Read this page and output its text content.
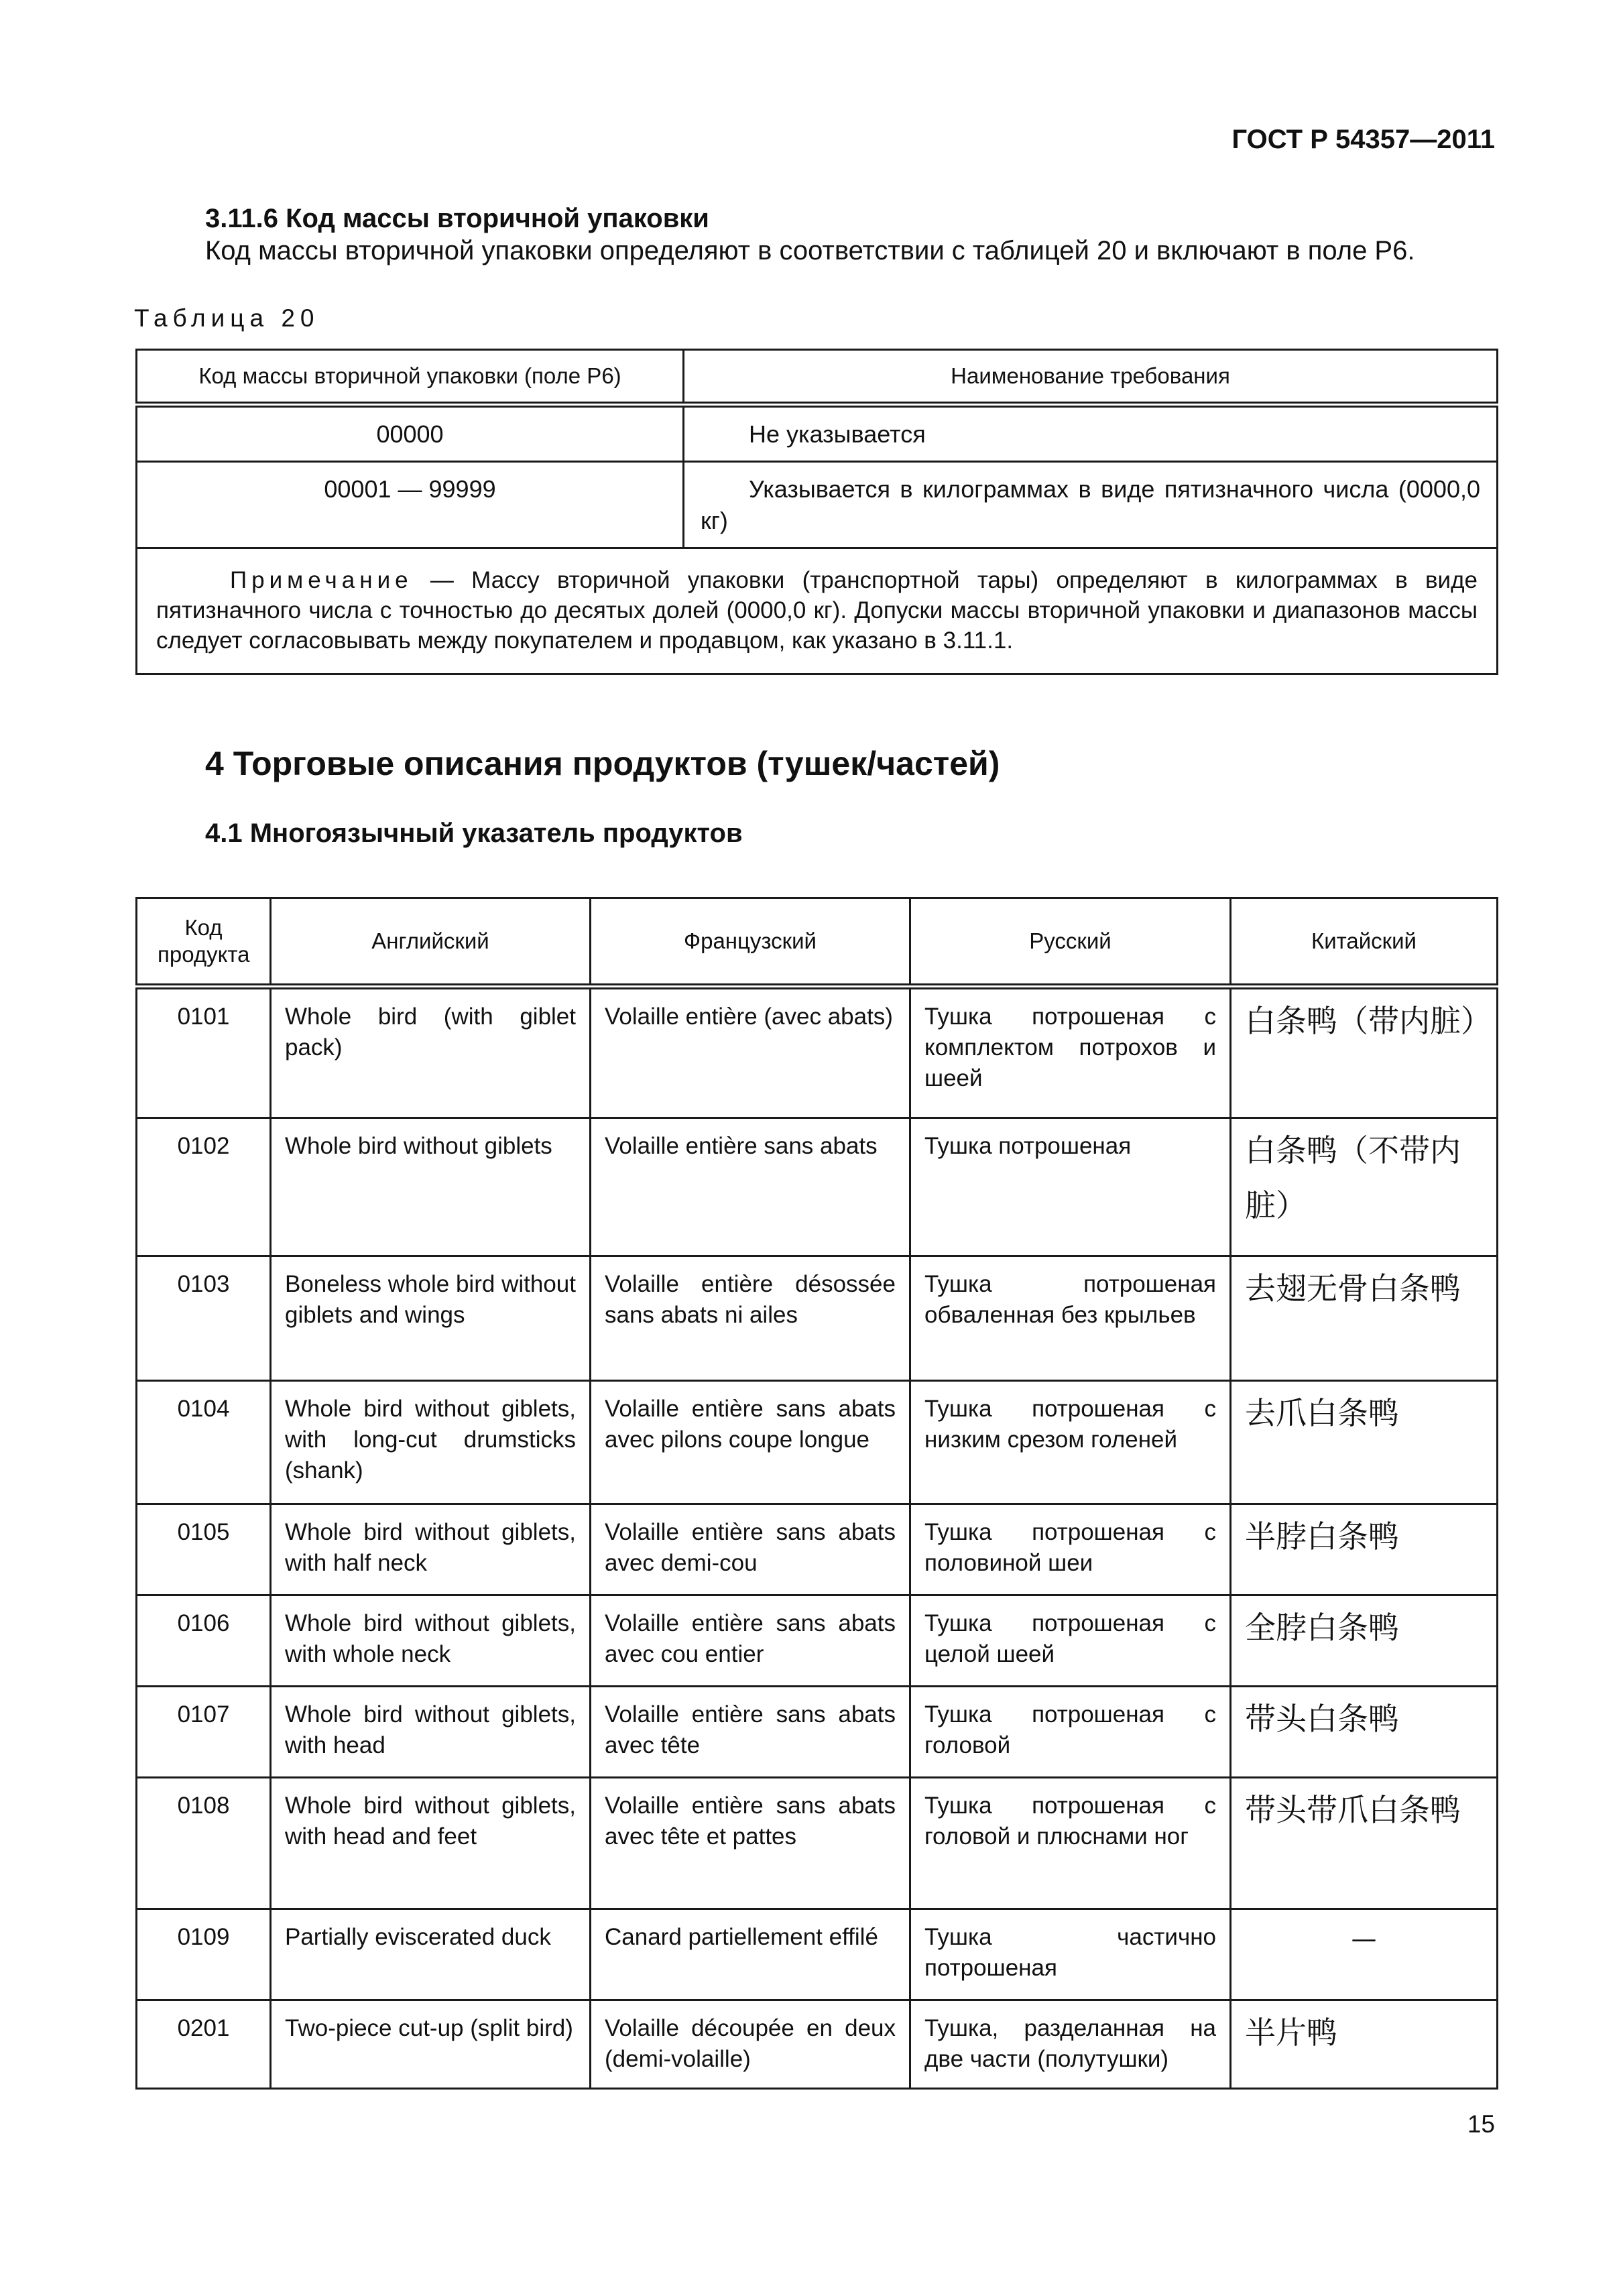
ГОСТ Р 54357—2011
3.11.6 Код массы вторичной упаковки
Код массы вторичной упаковки определяют в соответствии с таблицей 20 и включают в поле Р6.
Таблица 20
Код массы вторичной упаковки (поле Р6)	Наименование требования
00000	Не указывается
00001 — 99999	Указывается в килограммах в виде пятизначного числа (0000,0 кг)
Примечание — Массу вторичной упаковки (транспортной тары) определяют в килограммах в виде пятизначного числа с точностью до десятых долей (0000,0 кг). Допуски массы вторичной упаковки и диапазонов массы следует согласовывать между покупателем и продавцом, как указано в 3.11.1.	
4 Торговые описания продуктов (тушек/частей)
4.1 Многоязычный указатель продуктов
Код продукта	Английский	Французский	Русский	Китайский
0101	Whole bird (with giblet pack)	Volaille entière (avec abats)	Тушка потрошеная с комплектом потрохов и шеей	白条鸭（带内脏）
0102	Whole bird without giblets	Volaille entière sans abats	Тушка потрошеная	白条鸭（不带内脏）
0103	Boneless whole bird without giblets and wings	Volaille entière désossée sans abats ni ailes	Тушка потрошеная обваленная без крыльев	去翅无骨白条鸭
0104	Whole bird without giblets, with long-cut drumsticks (shank)	Volaille entière sans abats avec pilons coupe longue	Тушка потрошеная с низким срезом голеней	去爪白条鸭
0105	Whole bird without giblets, with half neck	Volaille entière sans abats avec demi-cou	Тушка потрошеная с половиной шеи	半脖白条鸭
0106	Whole bird without giblets, with whole neck	Volaille entière sans abats avec cou entier	Тушка потрошеная с целой шеей	全脖白条鸭
0107	Whole bird without giblets, with head	Volaille entière sans abats avec tête	Тушка потрошеная с головой	带头白条鸭
0108	Whole bird without giblets, with head and feet	Volaille entière sans abats avec tête et pattes	Тушка потрошеная с головой и плюснами ног	带头带爪白条鸭
0109	Partially eviscerated duck	Canard partiellement effilé	Тушка частично потрошеная	—
0201	Two-piece cut-up (split bird)	Volaille découpée en deux (demi-volaille)	Тушка, разделанная на две части (полутушки)	半片鸭
15
